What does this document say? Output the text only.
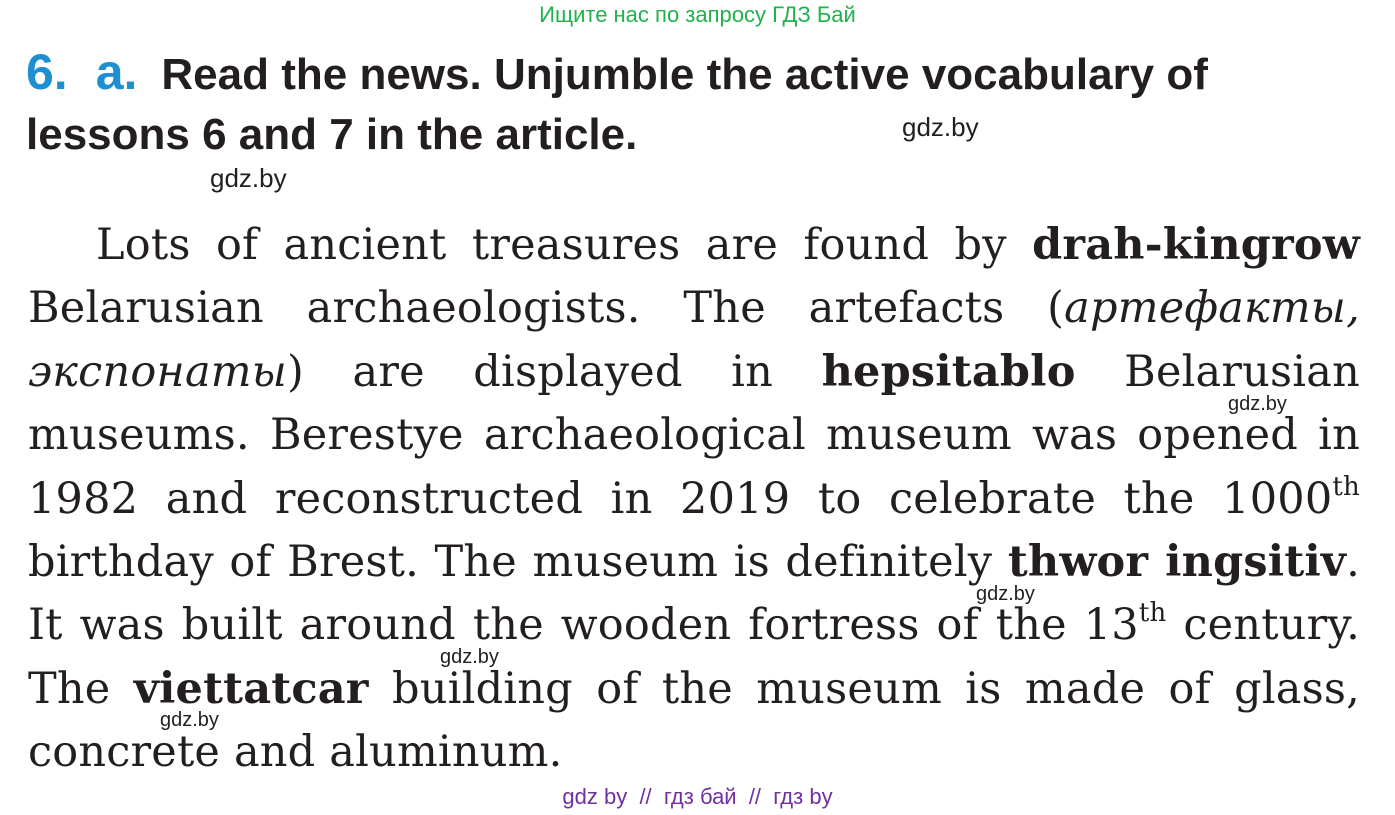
Ищите нас по запросу ГДЗ Бай
6. a. Read the news. Unjumble the active vocabulary of lessons 6 and 7 in the article.
Lots of ancient treasures are found by drah-kingrow Belarusian archaeologists. The artefacts (артефакты, экспонаты) are displayed in hepsitablo Belarusian museums. Berestye archaeological museum was opened in 1982 and reconstructed in 2019 to celebrate the 1000th birthday of Brest. The museum is definitely thwor ingsitiv. It was built around the wooden fortress of the 13th century. The viettatcar building of the museum is made of glass, concrete and aluminum.
gdz.by
gdz.by
gdz.by
gdz.by
gdz.by
gdz.by
gdz by  //  гдз бай  //  гдз by
